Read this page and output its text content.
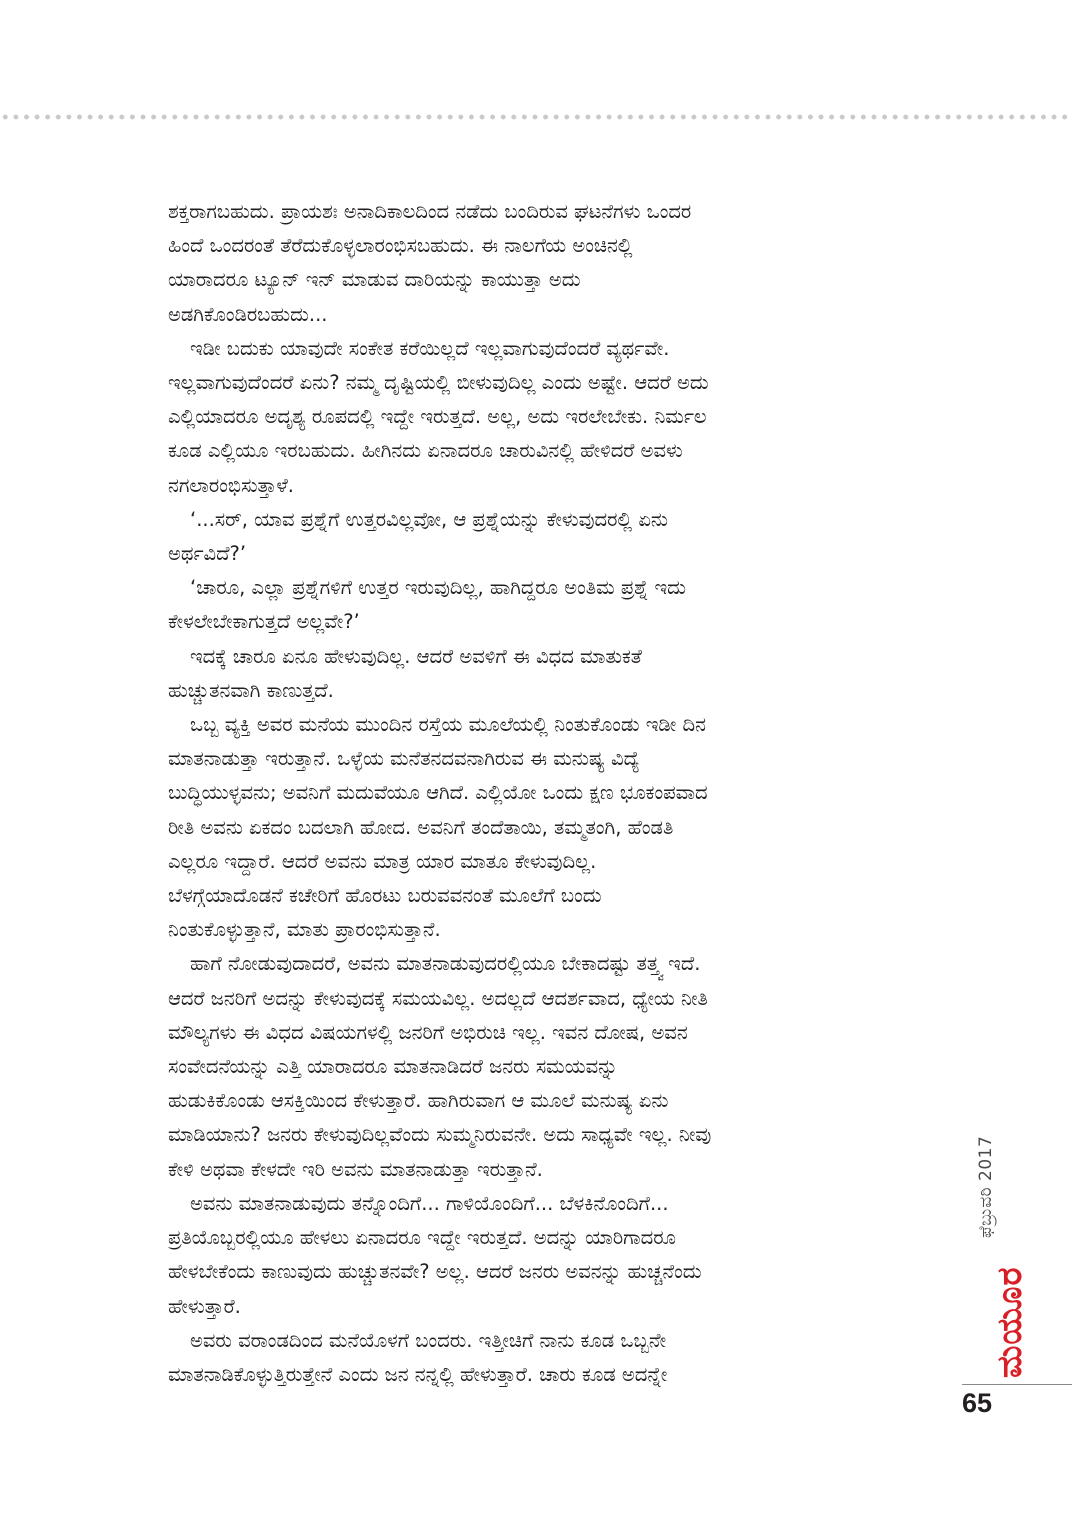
ಶಕ್ತರಾಗಬಹುದು. ಪ್ರಾಯಶಃ ಅನಾದಿಕಾಲದಿಂದ ನಡೆದು ಬಂದಿರುವ ಘಟನೆಗಳು ಒಂದರ

ಹಿಂದೆ ಒಂದರಂತೆ ತೆರೆದುಕೊಳ್ಳಲಾರಂಭಿಸಬಹುದು. ಈ ನಾಲಗೆಯ ಅಂಚಿನಲ್ಲಿ

ಯಾರಾದರೂ ಟ್ಯೂನ್ ಇನ್ ಮಾಡುವ ದಾರಿಯನ್ನು ಕಾಯುತ್ತಾ ಅದು

ಅಡಗಿಕೊಂಡಿರಬಹುದು...

ಇಡೀ ಬದುಕು ಯಾವುದೇ ಸಂಕೇತ ಕರೆಯಿಲ್ಲದೆ ಇಲ್ಲವಾಗುವುದೆಂದರೆ ವ್ಯರ್ಥವೇ.

ಇಲ್ಲವಾಗುವುದೆಂದರೆ ಏನು? ನಮ್ಮ ದೃಷ್ಟಿಯಲ್ಲಿ ಬೀಳುವುದಿಲ್ಲ ಎಂದು ಅಷ್ಟೇ. ಆದರೆ ಅದು

ಎಲ್ಲಿಯಾದರೂ ಅದೃಶ್ಯ ರೂಪದಲ್ಲಿ ಇದ್ದೇ ಇರುತ್ತದೆ. ಅಲ್ಲ, ಅದು ಇರಲೇಬೇಕು. ನಿರ್ಮಲ

ಕೂಡ ಎಲ್ಲಿಯೂ ಇರಬಹುದು. ಹೀಗಿನದು ಏನಾದರೂ ಚಾರುವಿನಲ್ಲಿ ಹೇಳಿದರೆ ಅವಳು

ನಗಲಾರಂಭಿಸುತ್ತಾಳೆ.

‘...ಸರ್, ಯಾವ ಪ್ರಶ್ನೆಗೆ ಉತ್ತರವಿಲ್ಲವೋ, ಆ ಪ್ರಶ್ನೆಯನ್ನು ಕೇಳುವುದರಲ್ಲಿ ಏನು

ಅರ್ಥವಿದೆ?’

‘ಚಾರೂ, ಎಲ್ಲಾ ಪ್ರಶ್ನೆಗಳಿಗೆ ಉತ್ತರ ಇರುವುದಿಲ್ಲ, ಹಾಗಿದ್ದರೂ ಅಂತಿಮ ಪ್ರಶ್ನೆ ಇದು

ಕೇಳಲೇಬೇಕಾಗುತ್ತದೆ ಅಲ್ಲವೇ?’

ಇದಕ್ಕೆ ಚಾರೂ ಏನೂ ಹೇಳುವುದಿಲ್ಲ. ಆದರೆ ಅವಳಿಗೆ ಈ ವಿಧದ ಮಾತುಕತೆ

ಹುಚ್ಚುತನವಾಗಿ ಕಾಣುತ್ತದೆ.

ಒಬ್ಬ ವ್ಯಕ್ತಿ ಅವರ ಮನೆಯ ಮುಂದಿನ ರಸ್ತೆಯ ಮೂಲೆಯಲ್ಲಿ ನಿಂತುಕೊಂಡು ಇಡೀ ದಿನ

ಮಾತನಾಡುತ್ತಾ ಇರುತ್ತಾನೆ. ಒಳ್ಳೆಯ ಮನೆತನದವನಾಗಿರುವ ಈ ಮನುಷ್ಯ ವಿದ್ಯೆ

ಬುದ್ಧಿಯುಳ್ಳವನು; ಅವನಿಗೆ ಮದುವೆಯೂ ಆಗಿದೆ. ಎಲ್ಲಿಯೋ ಒಂದು ಕ್ಷಣ ಭೂಕಂಪವಾದ

ರೀತಿ ಅವನು ಏಕದಂ ಬದಲಾಗಿ ಹೋದ. ಅವನಿಗೆ ತಂದೆತಾಯಿ, ತಮ್ಮತಂಗಿ, ಹೆಂಡತಿ

ಎಲ್ಲರೂ ಇದ್ದಾರೆ. ಆದರೆ ಅವನು ಮಾತ್ರ ಯಾರ ಮಾತೂ ಕೇಳುವುದಿಲ್ಲ.

ಬೆಳಗ್ಗೆಯಾದೊಡನೆ ಕಚೇರಿಗೆ ಹೊರಟು ಬರುವವನಂತೆ ಮೂಲೆಗೆ ಬಂದು

ನಿಂತುಕೊಳ್ಳುತ್ತಾನೆ, ಮಾತು ಪ್ರಾರಂಭಿಸುತ್ತಾನೆ.

ಹಾಗೆ ನೋಡುವುದಾದರೆ, ಅವನು ಮಾತನಾಡುವುದರಲ್ಲಿಯೂ ಬೇಕಾದಷ್ಟು ತತ್ತ್ವ ಇದೆ.

ಆದರೆ ಜನರಿಗೆ ಅದನ್ನು ಕೇಳುವುದಕ್ಕೆ ಸಮಯವಿಲ್ಲ. ಅದಲ್ಲದೆ ಆದರ್ಶವಾದ, ಧ್ಯೇಯ ನೀತಿ

ಮೌಲ್ಯಗಳು ಈ ವಿಧದ ವಿಷಯಗಳಲ್ಲಿ ಜನರಿಗೆ ಅಭಿರುಚಿ ಇಲ್ಲ. ಇವನ ದೋಷ, ಅವನ

ಸಂವೇದನೆಯನ್ನು ಎತ್ತಿ ಯಾರಾದರೂ ಮಾತನಾಡಿದರೆ ಜನರು ಸಮಯವನ್ನು

ಹುಡುಕಿಕೊಂಡು ಆಸಕ್ತಿಯಿಂದ ಕೇಳುತ್ತಾರೆ. ಹಾಗಿರುವಾಗ ಆ ಮೂಲೆ ಮನುಷ್ಯ ಏನು

ಮಾಡಿಯಾನು? ಜನರು ಕೇಳುವುದಿಲ್ಲವೆಂದು ಸುಮ್ಮನಿರುವನೇ. ಅದು ಸಾಧ್ಯವೇ ಇಲ್ಲ. ನೀವು

ಕೇಳಿ ಅಥವಾ ಕೇಳದೇ ಇರಿ ಅವನು ಮಾತನಾಡುತ್ತಾ ಇರುತ್ತಾನೆ.

ಅವನು ಮಾತನಾಡುವುದು ತನ್ನೊಂದಿಗೆ... ಗಾಳಿಯೊಂದಿಗೆ... ಬೆಳಕಿನೊಂದಿಗೆ...

ಪ್ರತಿಯೊಬ್ಬರಲ್ಲಿಯೂ ಹೇಳಲು ಏನಾದರೂ ಇದ್ದೇ ಇರುತ್ತದೆ. ಅದನ್ನು ಯಾರಿಗಾದರೂ

ಹೇಳಬೇಕೆಂದು ಕಾಣುವುದು ಹುಚ್ಚುತನವೇ? ಅಲ್ಲ. ಆದರೆ ಜನರು ಅವನನ್ನು ಹುಚ್ಚನೆಂದು

ಹೇಳುತ್ತಾರೆ.

ಅವರು ವರಾಂಡದಿಂದ ಮನೆಯೊಳಗೆ ಬಂದರು. ಇತ್ತೀಚಿಗೆ ನಾನು ಕೂಡ ಒಬ್ಬನೇ

ಮಾತನಾಡಿಕೊಳ್ಳುತ್ತಿರುತ್ತೇನೆ ಎಂದು ಜನ ನನ್ನಲ್ಲಿ ಹೇಳುತ್ತಾರೆ. ಚಾರು ಕೂಡ ಅದನ್ನೇ

ಫೆಬ್ರುವರಿ 2017
ಮಯೂರ
65
